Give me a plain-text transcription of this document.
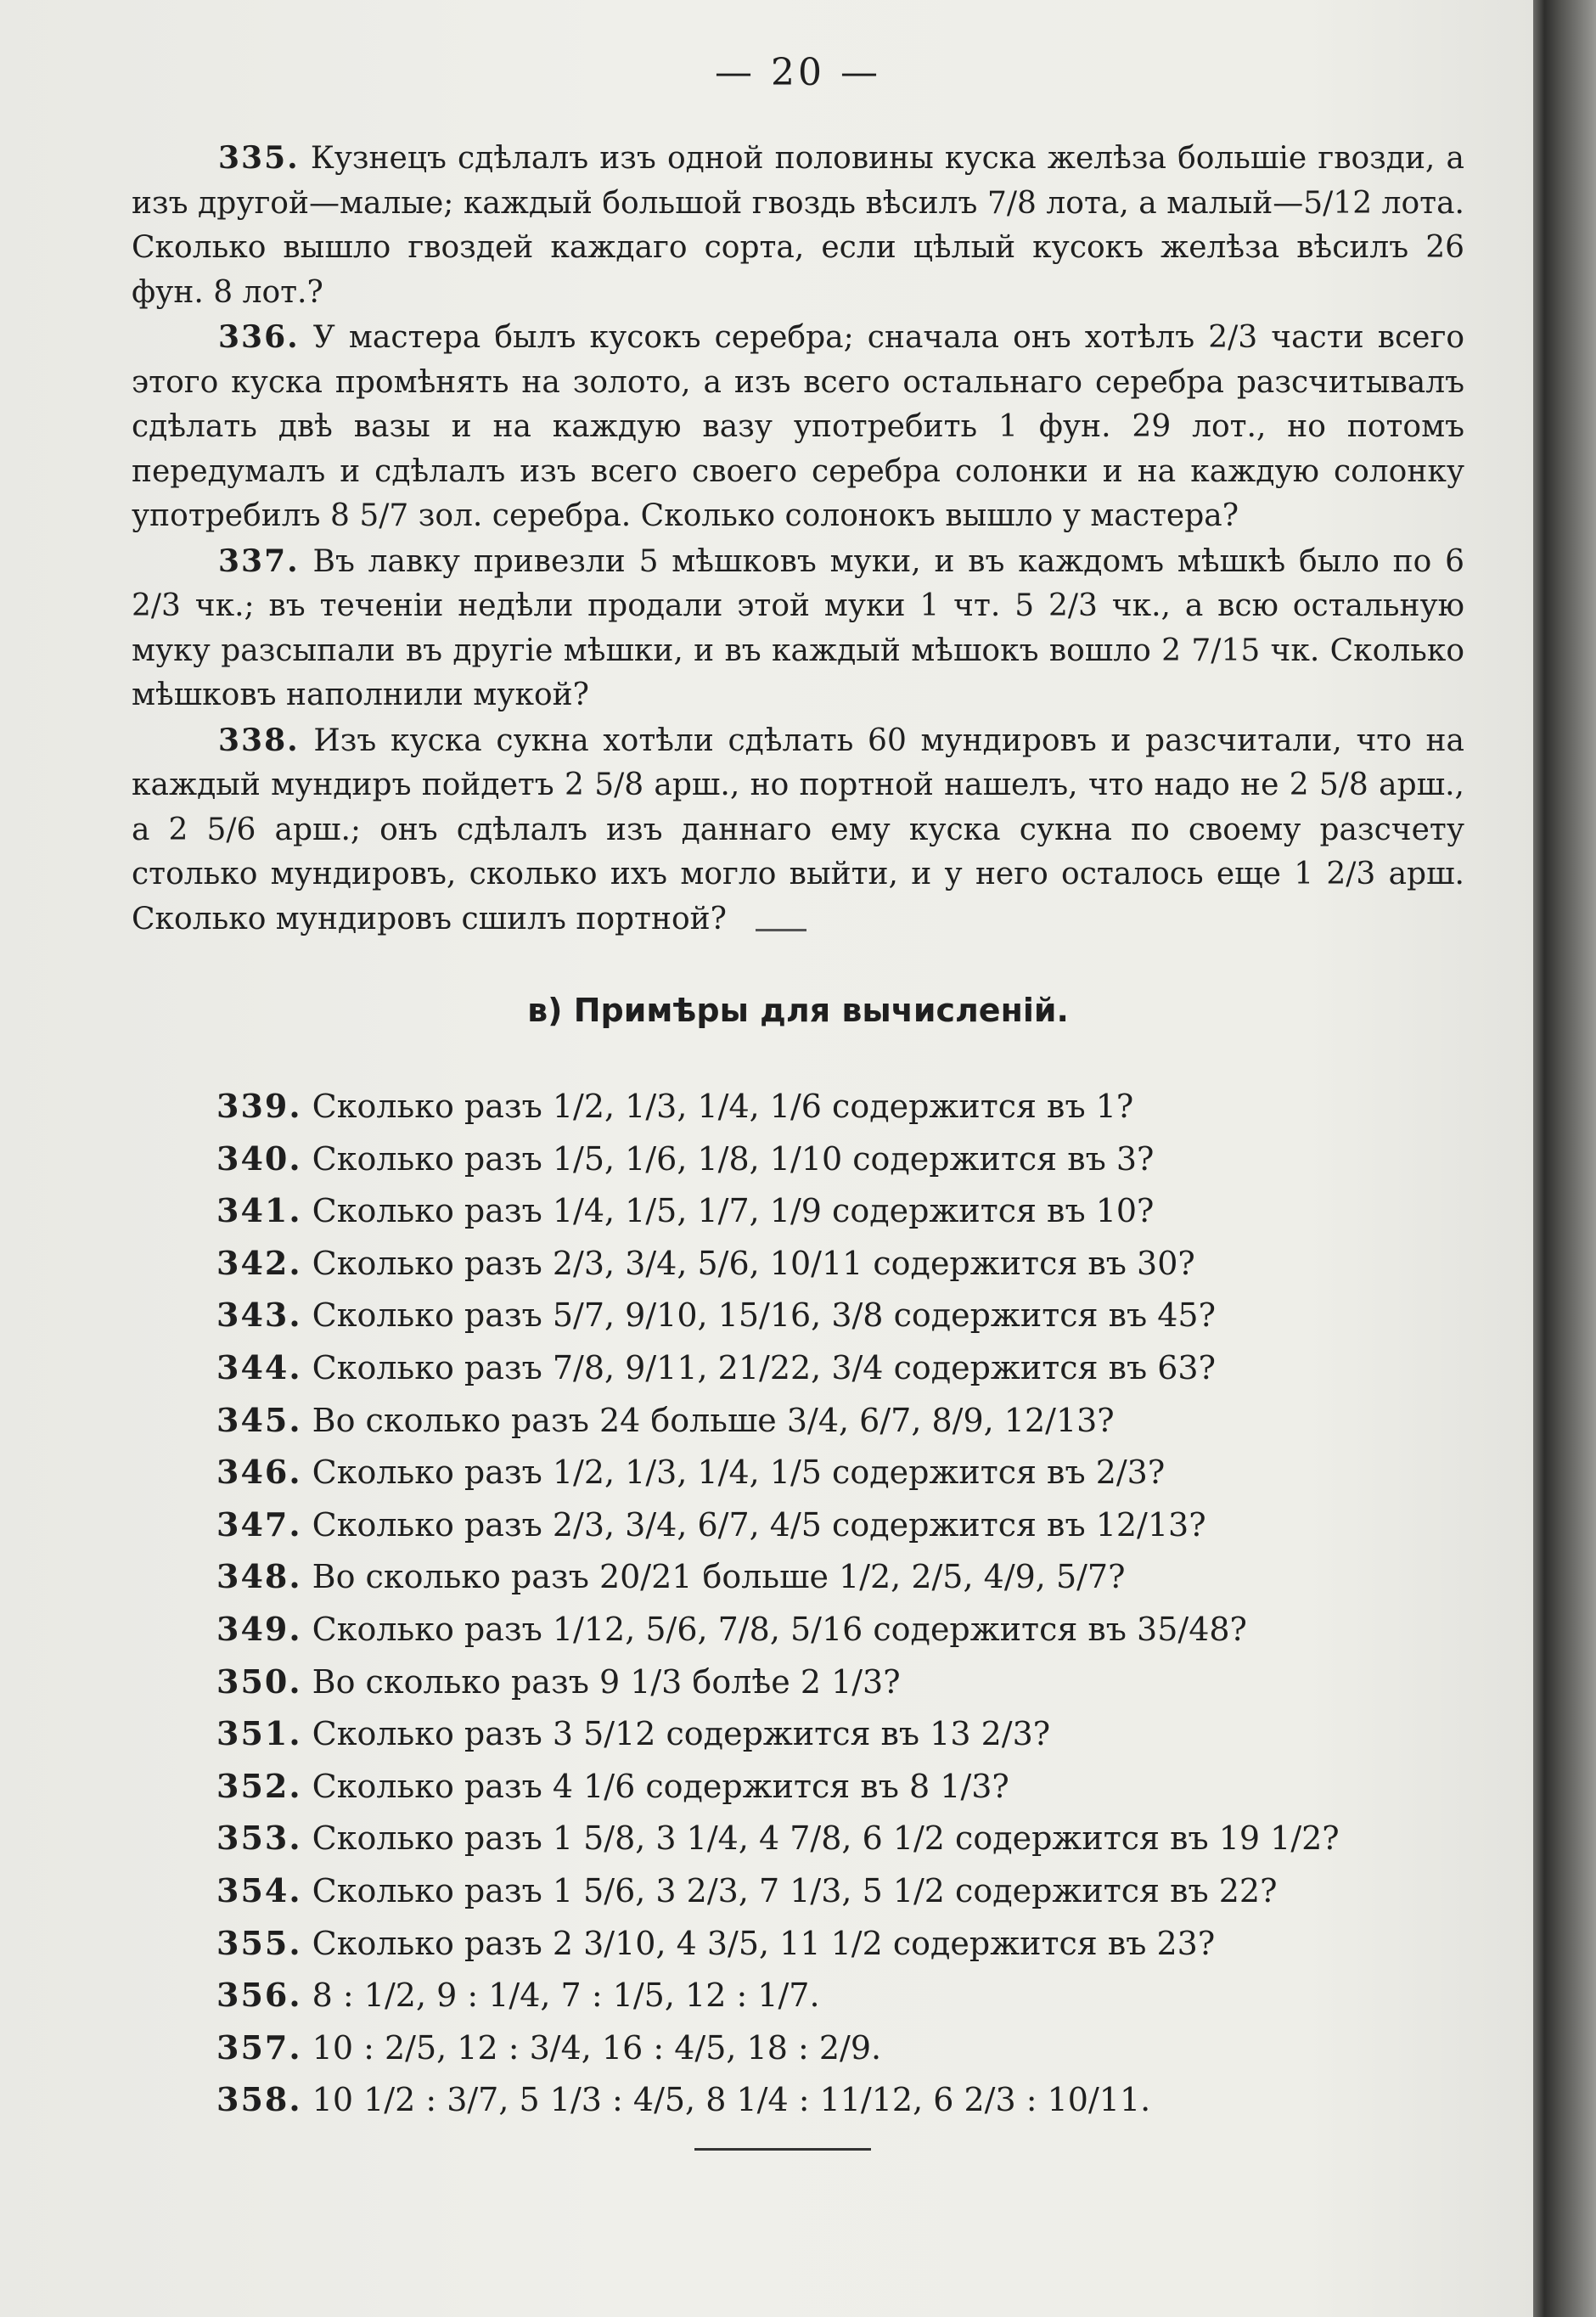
— 20 —

335. Кузнецъ сдѣлалъ изъ одной половины куска желѣза большіе гвозди, а изъ другой—малые; каждый большой гвоздь вѣсилъ 7/8 лота, а малый—5/12 лота. Сколько вышло гвоздей каждаго сорта, если цѣлый кусокъ желѣза вѣсилъ 26 фун. 8 лот.?

336. У мастера былъ кусокъ серебра; сначала онъ хотѣлъ 2/3 части всего этого куска промѣнять на золото, а изъ всего остальнаго серебра разсчитывалъ сдѣлать двѣ вазы и на каждую вазу употребить 1 фун. 29 лот., но потомъ передумалъ и сдѣлалъ изъ всего своего серебра солонки и на каждую солонку употребилъ 8 5/7 зол. серебра. Сколько солонокъ вышло у мастера?

337. Въ лавку привезли 5 мѣшковъ муки, и въ каждомъ мѣшкѣ было по 6 2/3 чк.; въ теченіи недѣли продали этой муки 1 чт. 5 2/3 чк., а всю остальную муку разсыпали въ другіе мѣшки, и въ каждый мѣшокъ вошло 2 7/15 чк. Сколько мѣшковъ наполнили мукой?

338. Изъ куска сукна хотѣли сдѣлать 60 мундировъ и разсчитали, что на каждый мундиръ пойдетъ 2 5/8 арш., но портной нашелъ, что надо не 2 5/8 арш., а 2 5/6 арш.; онъ сдѣлалъ изъ даннаго ему куска сукна по своему разсчету столько мундировъ, сколько ихъ могло выйти, и у него осталось еще 1 2/3 арш. Сколько мундировъ сшилъ портной?

в) Примѣры для вычисленій.
339. Сколько разъ 1/2, 1/3, 1/4, 1/6 содержится въ 1?
340. Сколько разъ 1/5, 1/6, 1/8, 1/10 содержится въ 3?
341. Сколько разъ 1/4, 1/5, 1/7, 1/9 содержится въ 10?
342. Сколько разъ 2/3, 3/4, 5/6, 10/11 содержится въ 30?
343. Сколько разъ 5/7, 9/10, 15/16, 3/8 содержится въ 45?
344. Сколько разъ 7/8, 9/11, 21/22, 3/4 содержится въ 63?
345. Во сколько разъ 24 больше 3/4, 6/7, 8/9, 12/13?
346. Сколько разъ 1/2, 1/3, 1/4, 1/5 содержится въ 2/3?
347. Сколько разъ 2/3, 3/4, 6/7, 4/5 содержится въ 12/13?
348. Во сколько разъ 20/21 больше 1/2, 2/5, 4/9, 5/7?
349. Сколько разъ 1/12, 5/6, 7/8, 5/16 содержится въ 35/48?
350. Во сколько разъ 9 1/3 болѣе 2 1/3?
351. Сколько разъ 3 5/12 содержится въ 13 2/3?
352. Сколько разъ 4 1/6 содержится въ 8 1/3?
353. Сколько разъ 1 5/8, 3 1/4, 4 7/8, 6 1/2 содержится въ 19 1/2?
354. Сколько разъ 1 5/6, 3 2/3, 7 1/3, 5 1/2 содержится въ 22?
355. Сколько разъ 2 3/10, 4 3/5, 11 1/2 содержится въ 23?
356. 8 : 1/2, 9 : 1/4, 7 : 1/5, 12 : 1/7.
357. 10 : 2/5, 12 : 3/4, 16 : 4/5, 18 : 2/9.
358. 10 1/2 : 3/7, 5 1/3 : 4/5, 8 1/4 : 11/12, 6 2/3 : 10/11.
